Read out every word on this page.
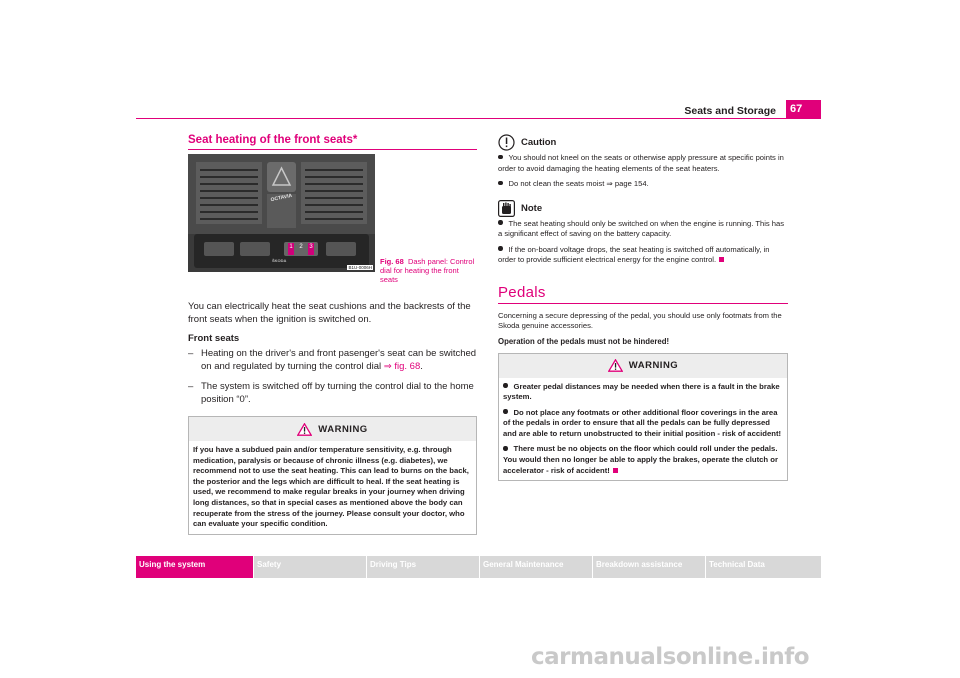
Seats and Storage	67
Seat heating of the front seats*
OCTAVIA
1 2 3
ŠKODA
B1U-0006H
Fig. 68 Dash panel: Control dial for heating the front seats

You can electrically heat the seat cushions and the backrests of the front seats when the ignition is switched on.

Front seats
– Heating on the driver's and front pasenger's seat can be switched on and regulated by turning the control dial ⇒ fig. 68.
– The system is switched off by turning the control dial to the home position “0”.
WARNING

If you have a subdued pain and/or temperature sensitivity, e.g. through medication, paralysis or because of chronic illness (e.g. diabetes), we recommend not to use the seat heating. This can lead to burns on the back, the posterior and the legs which are difficult to heal. If the seat heating is used, we recommend to make regular breaks in your journey when driving long distances, so that in special cases as mentioned above the body can recuperate from the stress of the journey. Please consult your doctor, who can evaluate your specific condition.

Caution

You should not kneel on the seats or otherwise apply pressure at specific points in order to avoid damaging the heating elements of the seat heaters.

Do not clean the seats moist ⇒ page 154.

Note

The seat heating should only be switched on when the engine is running. This has a significant effect of saving on the battery capacity.

If the on-board voltage drops, the seat heating is switched off automatically, in order to provide sufficient electrical energy for the engine control.

Pedals

Concerning a secure depressing of the pedal, you should use only footmats from the Skoda genuine accessories.

Operation of the pedals must not be hindered!
WARNING

Greater pedal distances may be needed when there is a fault in the brake system.

Do not place any footmats or other additional floor coverings in the area of the pedals in order to ensure that all the pedals can be fully depressed and are able to return unobstructed to their initial position - risk of accident!

There must be no objects on the floor which could roll under the pedals. You would then no longer be able to apply the brakes, operate the clutch or accelerator - risk of accident!

Using the system	Safety	Driving Tips	General Maintenance	Breakdown assistance	Technical Data
carmanualsonline.info
